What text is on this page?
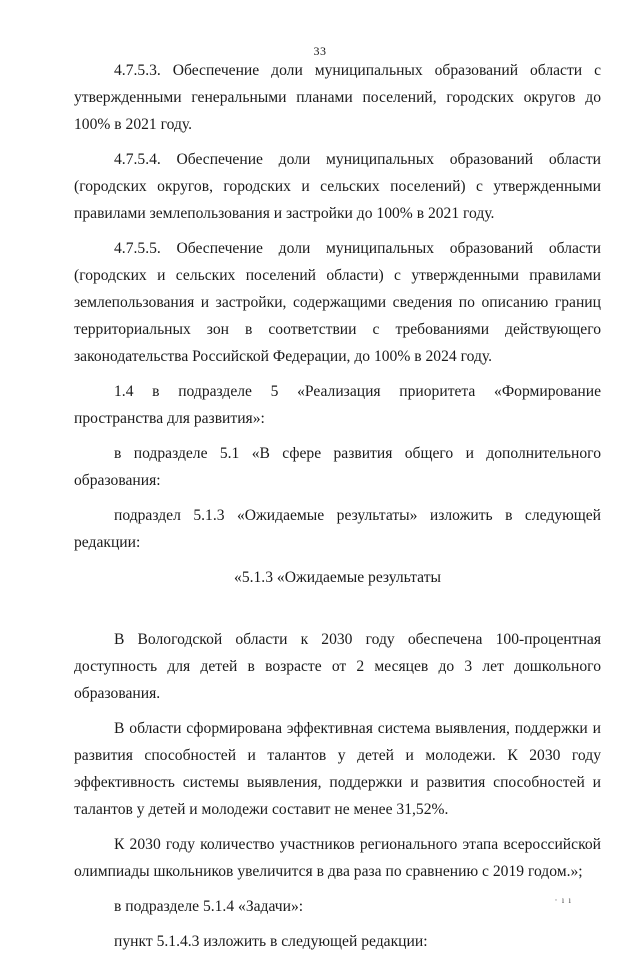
33

4.7.5.3. Обеспечение доли муниципальных образований области с утвержденными генеральными планами поселений, городских округов до 100% в 2021 году.

4.7.5.4. Обеспечение доли муниципальных образований области (городских округов, городских и сельских поселений) с утвержденными правилами землепользования и застройки до 100% в 2021 году.

4.7.5.5. Обеспечение доли муниципальных образований области (городских и сельских поселений области) с утвержденными правилами землепользования и застройки, содержащими сведения по описанию границ территориальных зон в соответствии с требованиями действующего законодательства Российской Федерации, до 100% в 2024 году.

1.4 в подразделе 5 «Реализация приоритета «Формирование пространства для развития»:

в подразделе 5.1 «В сфере развития общего и дополнительного образования:

подраздел 5.1.3 «Ожидаемые результаты» изложить в следующей редакции:

«5.1.3 «Ожидаемые результаты

В Вологодской области к 2030 году обеспечена 100-процентная доступность для детей в возрасте от 2 месяцев до 3 лет дошкольного образования.

В области сформирована эффективная система выявления, поддержки и развития способностей и талантов у детей и молодежи. К 2030 году эффективность системы выявления, поддержки и развития способностей и талантов у детей и молодежи составит не менее 31,52%.

К 2030 году количество участников регионального этапа всероссийской олимпиады школьников увеличится в два раза по сравнению с 2019 годом.»;

в подразделе 5.1.4 «Задачи»:

пункт 5.1.4.3 изложить в следующей редакции:

· ı ı
